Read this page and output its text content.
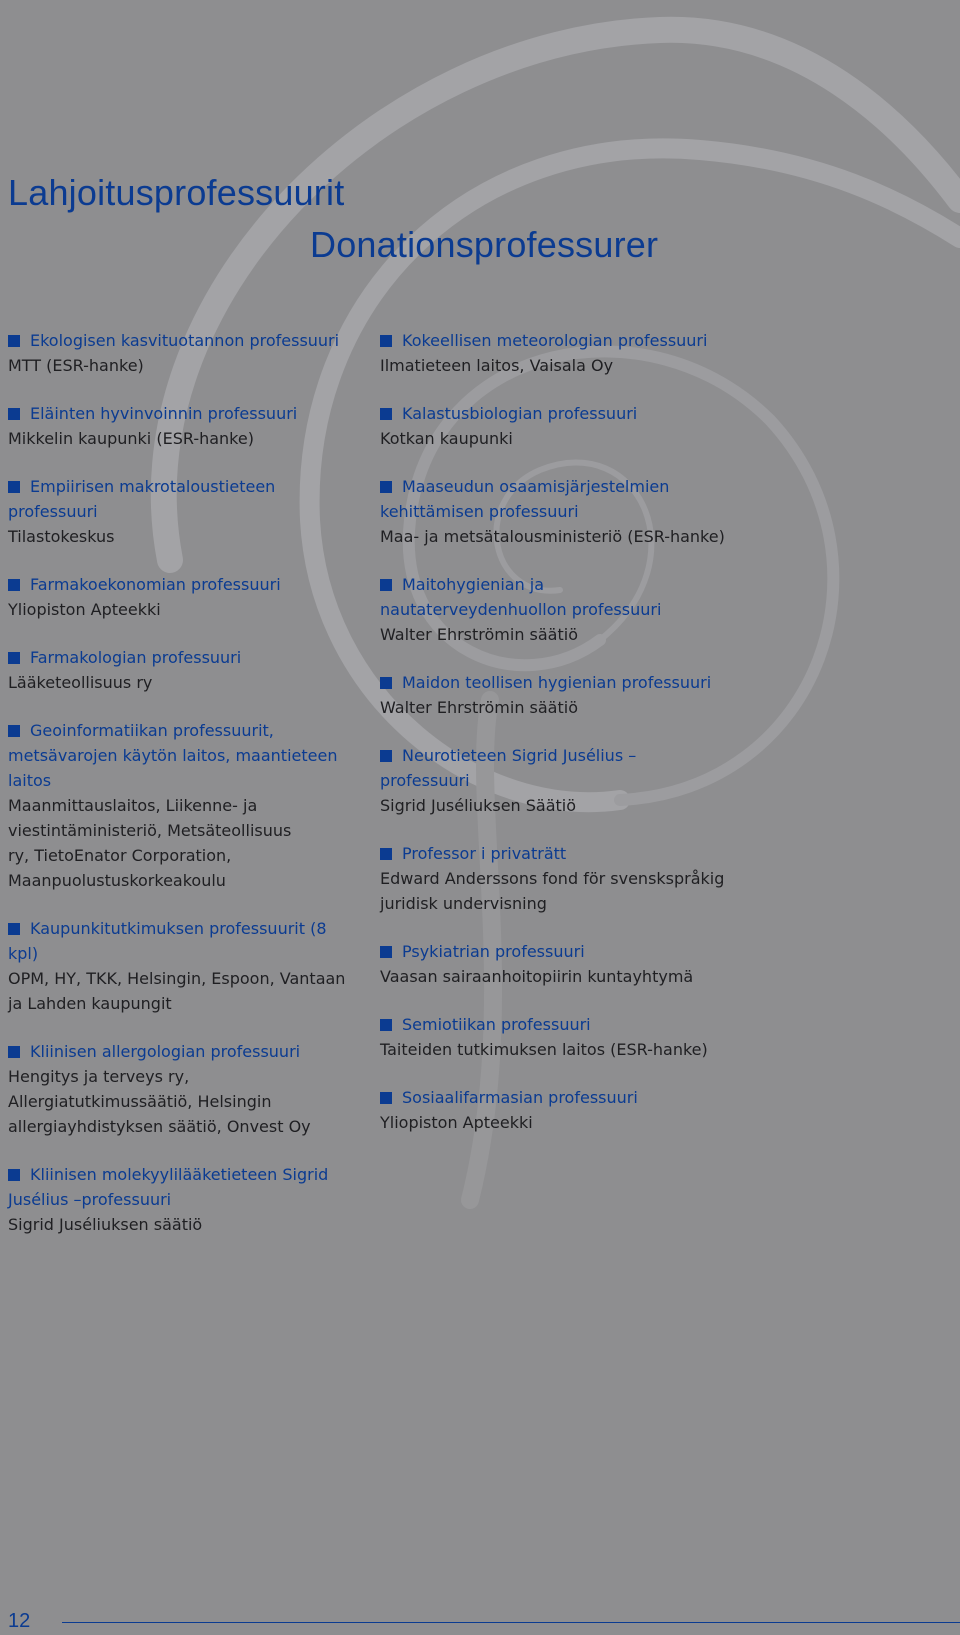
Lahjoitusprofessuurit
Donationsprofessurer

Ekologisen kasvituotannon professuuri

MTT (ESR-hanke)

Eläinten hyvinvoinnin professuuri

Mikkelin kaupunki (ESR-hanke)

Empiirisen makrotaloustieteen

professuuri

Tilastokeskus

Farmakoekonomian professuuri

Yliopiston Apteekki

Farmakologian professuuri

Lääketeollisuus ry

Geoinformatiikan professuurit,

metsävarojen käytön laitos, maantieteen

laitos

Maanmittauslaitos, Liikenne- ja

viestintäministeriö, Metsäteollisuus

ry, TietoEnator Corporation,

Maanpuolustuskorkeakoulu

Kaupunkitutkimuksen professuurit (8 kpl)

OPM, HY, TKK, Helsingin, Espoon, Vantaan

ja Lahden kaupungit

Kliinisen allergologian professuuri

Hengitys ja terveys ry,

Allergiatutkimussäätiö, Helsingin

allergiayhdistyksen säätiö, Onvest Oy

Kliinisen molekyylilääketieteen Sigrid

Jusélius –professuuri

Sigrid Juséliuksen säätiö

Kokeellisen meteorologian professuuri

Ilmatieteen laitos, Vaisala Oy

Kalastusbiologian professuuri

Kotkan kaupunki

Maaseudun osaamisjärjestelmien

kehittämisen professuuri

Maa- ja metsätalousministeriö (ESR-hanke)

Maitohygienian ja

nautaterveydenhuollon professuuri

Walter Ehrströmin säätiö

Maidon teollisen hygienian professuuri

Walter Ehrströmin säätiö

Neurotieteen Sigrid Jusélius –

professuuri

Sigrid Juséliuksen Säätiö

Professor i privaträtt

Edward Anderssons fond för svenskspråkig

juridisk undervisning

Psykiatrian professuuri

Vaasan sairaanhoitopiirin kuntayhtymä

Semiotiikan professuuri

Taiteiden tutkimuksen laitos (ESR-hanke)

Sosiaalifarmasian professuuri

Yliopiston Apteekki

12
